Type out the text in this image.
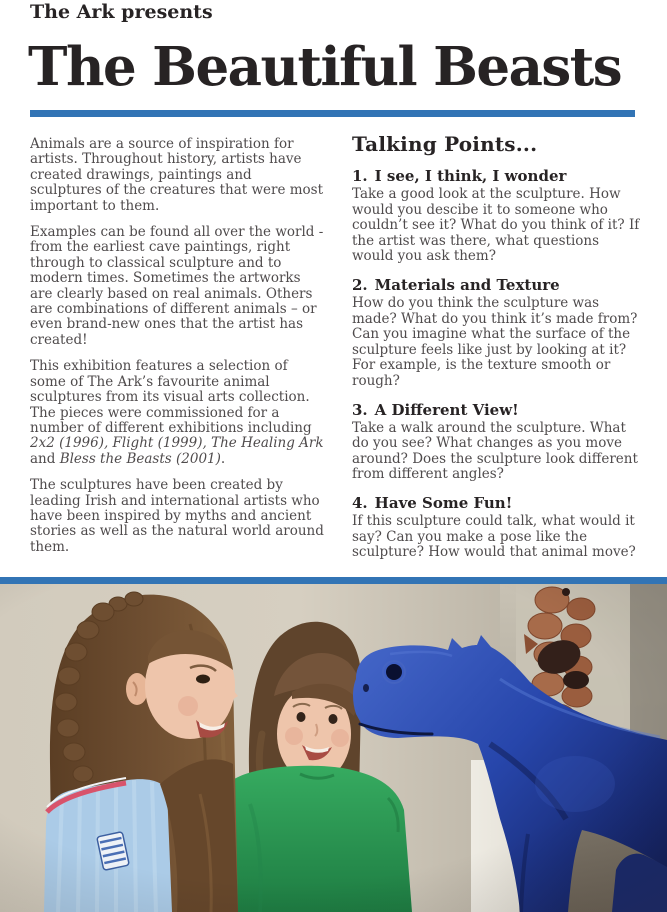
The Ark presents
The Beautiful Beasts

Animals are a source of inspiration for artists. Throughout history, artists have created drawings, paintings and sculptures of the creatures that were most important to them.

Examples can be found all over the world - from the earliest cave paintings, right through to classical sculpture and to modern times. Sometimes the artworks are clearly based on real animals. Others are combinations of different animals – or even brand-new ones that the artist has created!

This exhibition features a selection of some of The Ark’s favourite animal sculptures from its visual arts collection. The pieces were commissioned for a number of different exhibitions including 2x2 (1996), Flight (1999), The Healing Ark and Bless the Beasts (2001).

The sculptures have been created by leading Irish and international artists who have been inspired by myths and ancient stories as well as the natural world around them.

Talking Points...
1. I see, I think, I wonder

Take a good look at the sculpture. How would you descibe it to someone who couldn’t see it? What do you think of it? If the artist was there, what questions would you ask them?

2. Materials and Texture

How do you think the sculpture was made? What do you think it’s made from? Can you imagine what the surface of the sculpture feels like just by looking at it? For example, is the texture smooth or rough?

3. A Different View!

Take a walk around the sculpture. What do you see? What changes as you move around? Does the sculpture look different from different angles?

4. Have Some Fun!

If this sculpture could talk, what would it say? Can you make a pose like the sculpture? How would that animal move?
